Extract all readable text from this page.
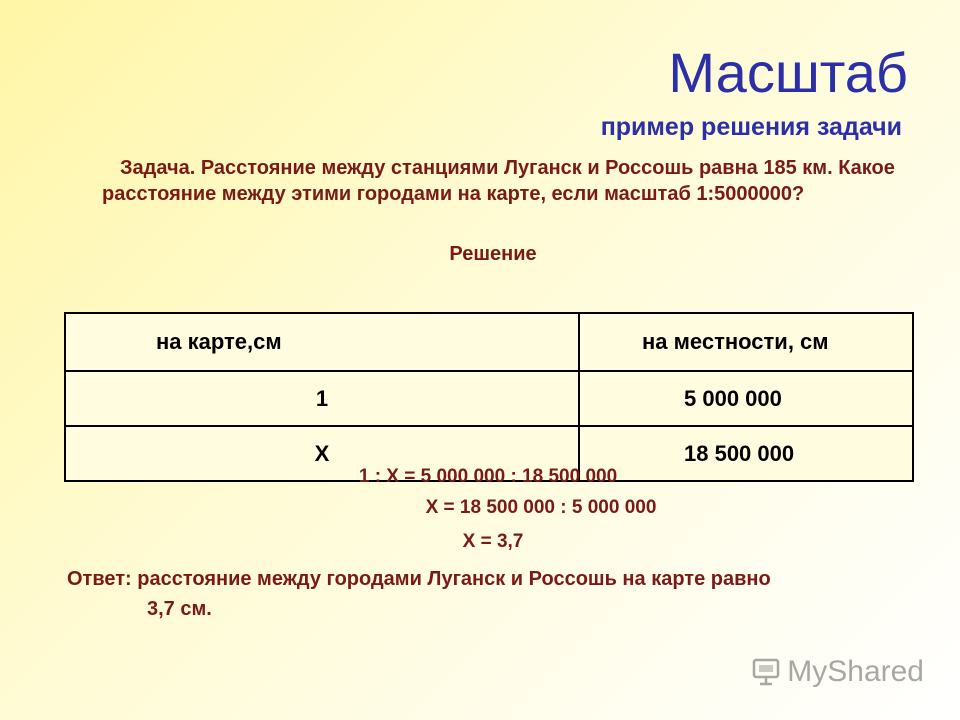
Масштаб
пример решения задачи
Задача. Расстояние между станциями Луганск и Россошь равна 185 км. Какое расстояние между этими городами на карте, если масштаб 1:5000000?
Решение
на карте,см	на местности, см
1	5 000 000
Х	18 500 000
1 : Х = 5 000 000 : 18 500 000
Х = 18 500 000 : 5 000 000
Х = 3,7
Ответ: расстояние между городами Луганск и Россошь на карте равно
3,7 см.
MyShared
